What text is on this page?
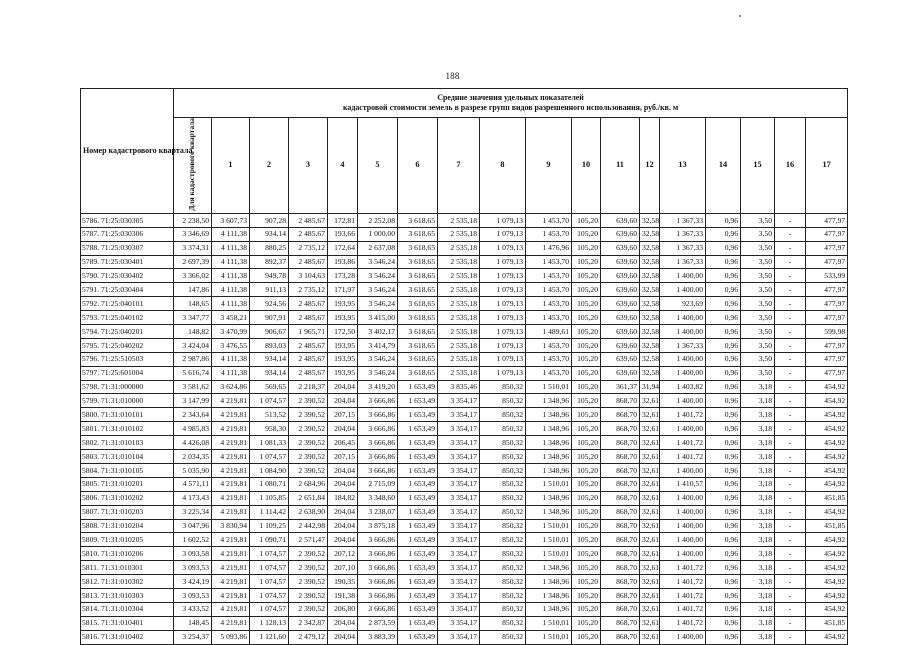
188
Номер кадастрового квартала	Средние значения удельных показателей
кадастровой стоимости земель в разрезе групп видов разрешенного использования, руб./кв. м																	

	Для кадастрового квартала	1	2	3	4	5	6	7	8	9	10	11	12	13	14	15	16	17
5786. 71:25:030305	2 238,50	3 607,73	907,28	2 485,67	172,81	2 252,08	3 618,65	2 535,18	1 079,13	1 453,70	105,20	639,60	32,58	1 367,33	0,96	3,50	-	477,97
5787. 71:25:030306	3 346,69	4 111,38	934,14	2 485,67	193,66	1 000,00	3 618,65	2 535,18	1 079,13	1 453,70	105,20	639,60	32,58	1 367,33	0,96	3,50	-	477,97
5788. 71:25:030307	3 374,31	4 111,38	880,25	2 735,12	172,64	2 637,08	3 618,65	2 535,18	1 079,13	1 476,96	105,20	639,60	32,58	1 367,33	0,96	3,50	-	477,97
5789. 71:25:030401	2 697,39	4 111,38	892,37	2 485,67	193,86	3 546,24	3 618,65	2 535,18	1 079,13	1 453,70	105,20	639,60	32,58	1 367,33	0,96	3,50	-	477,97
5790. 71:25:030402	3 366,02	4 111,38	949,78	3 104,63	173,28	3 546,24	3 618,65	2 535,18	1 079,13	1 453,70	105,20	639,60	32,58	1 400,00	0,96	3,50	-	533,99
5791. 71:25:030404	147,86	4 111,38	911,13	2 735,12	171,97	3 546,24	3 618,65	2 535,18	1 079,13	1 453,70	105,20	639,60	32,58	1 400,00	0,96	3,50	-	477,97
5792. 71:25:040101	148,65	4 111,38	924,56	2 485,67	193,95	3 546,24	3 618,65	2 535,18	1 079,13	1 453,70	105,20	639,60	32,58	923,69	0,96	3,50	-	477,97
5793. 71:25:040102	3 347,77	3 458,21	907,91	2 485,67	193,95	3 415,00	3 618,65	2 535,18	1 079,13	1 453,70	105,20	639,60	32,58	1 400,00	0,96	3,50	-	477,97
5794. 71:25:040201	148,82	3 470,99	906,67	1 965,71	172,50	3 402,17	3 618,65	2 535,18	1 079,13	1 489,61	105,20	639,60	32,58	1 400,00	0,96	3,50	-	599,98
5795. 71:25:040202	3 424,04	3 476,55	893,03	2 485,67	193,95	3 414,79	3 618,65	2 535,18	1 079,13	1 453,70	105,20	639,60	32,58	1 367,33	0,96	3,50	-	477,97
5796. 71:25:510503	2 987,86	4 111,38	934,14	2 485,67	193,95	3 546,24	3 618,65	2 535,18	1 079,13	1 453,70	105,20	639,60	32,58	1 400,00	0,96	3,50	-	477,97
5797. 71:25:601004	5 616,74	4 111,38	934,14	2 485,67	193,95	3 546,24	3 618,65	2 535,18	1 079,13	1 453,70	105,20	639,60	32,58	1 400,00	0,96	3,50	-	477,97
5798. 71:31:000000	3 581,62	3 624,86	569,65	2 218,37	204,04	3 419,20	1 653,49	3 835,46	850,32	1 510,01	105,20	361,37	31,94	1 403,82	0,96	3,18	-	454,92
5799. 71:31:010000	3 147,99	4 219,81	1 074,57	2 390,52	204,04	3 666,86	1 653,49	3 354,17	850,32	1 348,96	105,20	868,70	32,61	1 400,00	0,96	3,18	-	454,92
5800. 71:31:010101	2 343,64	4 219,81	513,52	2 390,52	207,15	3 666,86	1 653,49	3 354,17	850,32	1 348,96	105,20	868,70	32,61	1 401,72	0,96	3,18	-	454,92
5801. 71:31:010102	4 985,83	4 219,81	958,30	2 390,52	204,04	3 666,86	1 653,49	3 354,17	850,32	1 348,96	105,20	868,70	32,61	1 400,00	0,96	3,18	-	454,92
5802. 71:31:010103	4 426,08	4 219,81	1 081,33	2 390,52	206,45	3 666,86	1 653,49	3 354,17	850,32	1 348,96	105,20	868,70	32,61	1 401,72	0,96	3,18	-	454,92
5803. 71:31:010104	2 034,35	4 219,81	1 074,57	2 390,52	207,15	3 666,86	1 653,49	3 354,17	850,32	1 348,96	105,20	868,70	32,61	1 401,72	0,96	3,18	-	454,92
5804. 71:31:010105	5 035,90	4 219,81	1 084,90	2 390,52	204,04	3 666,86	1 653,49	3 354,17	850,32	1 348,96	105,20	868,70	32,61	1 400,00	0,96	3,18	-	454,92
5805. 71:31:010201	4 571,11	4 219,81	1 080,71	2 684,96	204,04	2 715,09	1 653,49	3 354,17	850,32	1 510,01	105,20	868,70	32,61	1 410,57	0,96	3,18	-	454,92
5806. 71:31:010202	4 173,43	4 219,81	1 105,85	2 651,84	184,82	3 348,60	1 653,49	3 354,17	850,32	1 348,96	105,20	868,70	32,61	1 400,00	0,96	3,18	-	451,85
5807. 71:31:010203	3 225,34	4 219,81	1 114,42	2 638,90	204,04	3 238,07	1 653,49	3 354,17	850,32	1 348,96	105,20	868,70	32,61	1 400,00	0,96	3,18	-	454,92
5808. 71:31:010204	3 047,96	3 830,94	1 109,25	2 442,98	204,04	3 875,18	1 653,49	3 354,17	850,32	1 510,01	105,20	868,70	32,61	1 400,00	0,96	3,18	-	451,85
5809. 71:31:010205	1 602,52	4 219,81	1 090,71	2 571,47	204,04	3 666,86	1 653,49	3 354,17	850,32	1 510,01	105,20	868,70	32,61	1 400,00	0,96	3,18	-	454,92
5810. 71:31:010206	3 093,58	4 219,81	1 074,57	2 390,52	207,12	3 666,86	1 653,49	3 354,17	850,32	1 510,01	105,20	868,70	32,61	1 400,00	0,96	3,18	-	454,92
5811. 71:31:010301	3 093,53	4 219,81	1 074,57	2 390,52	207,10	3 666,86	1 653,49	3 354,17	850,32	1 348,96	105,20	868,70	32,61	1 401,72	0,96	3,18	-	454,92
5812. 71:31:010302	3 424,19	4 219,81	1 074,57	2 390,52	190,35	3 666,86	1 653,49	3 354,17	850,32	1 348,96	105,20	868,70	32,61	1 401,72	0,96	3,18	-	454,92
5813. 71:31:010303	3 093,53	4 219,81	1 074,57	2 390,52	191,38	3 666,86	1 653,49	3 354,17	850,32	1 348,96	105,20	868,70	32,61	1 401,72	0,96	3,18	-	454,92
5814. 71:31:010304	3 433,52	4 219,81	1 074,57	2 390,52	206,80	3 666,86	1 653,49	3 354,17	850,32	1 348,96	105,20	868,70	32,61	1 401,72	0,96	3,18	-	454,92
5815. 71:31:010401	148,45	4 219,81	1 128,13	2 342,87	204,04	2 873,59	1 653,49	3 354,17	850,32	1 510,01	105,20	868,70	32,61	1 401,72	0,96	3,18	-	451,85
5816. 71:31:010402	3 254,37	5 093,86	1 121,60	2 479,12	204,04	3 883,39	1 653,49	3 354,17	850,32	1 510,01	105,20	868,70	32,61	1 400,00	0,96	3,18	-	454,92
